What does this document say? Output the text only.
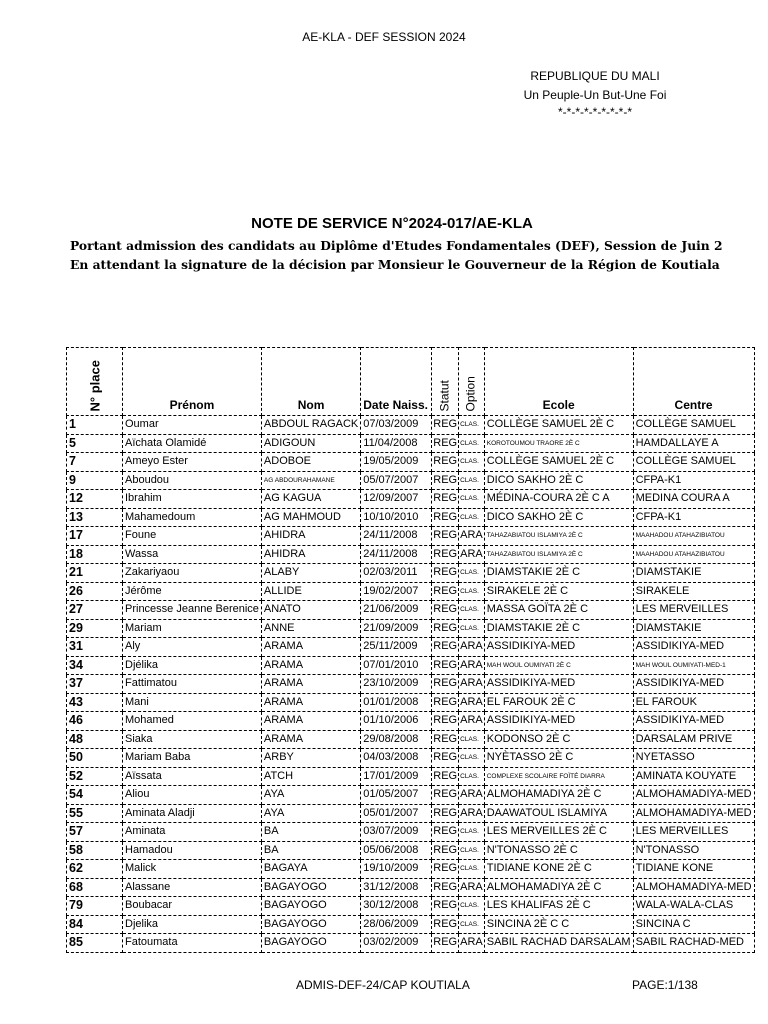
AE-KLA - DEF SESSION 2024
REPUBLIQUE DU MALI
Un Peuple-Un But-Une Foi
*-*-*-*-*-*-*-*-*
NOTE DE SERVICE N°2024-017/AE-KLA
Portant admission des candidats au Diplôme d'Etudes Fondamentales (DEF), Session de Juin 2
En attendant la signature de la décision par Monsieur le Gouverneur de la Région de Koutiala
N° place	Prénom	Nom	Date Naiss.	Statut	Option	Ecole	Centre
1	Oumar	ABDOUL RAGACK	07/03/2009	REG	CLAS.	COLLÈGE SAMUEL 2È C	COLLÈGE SAMUEL
5	Aïchata Olamidé	ADIGOUN	11/04/2008	REG	CLAS.	KOROTOUMOU TRAORE 2È C	HAMDALLAYE A
7	Ameyo Ester	ADOBOE	19/05/2009	REG	CLAS.	COLLÈGE SAMUEL 2È C	COLLÈGE SAMUEL
9	Aboudou	AG ABDOURAHAMANE	05/07/2007	REG	CLAS.	DICO SAKHO 2È C	CFPA-K1
12	Ibrahim	AG KAGUA	12/09/2007	REG	CLAS.	MÉDINA-COURA 2È C A	MEDINA COURA A
13	Mahamedoum	AG MAHMOUD	10/10/2010	REG	CLAS.	DICO SAKHO 2È C	CFPA-K1
17	Foune	AHIDRA	24/11/2008	REG	ARA	TAHAZABIATOU ISLAMIYA 2È C	MAAHADOU ATAHAZIBIATOU
18	Wassa	AHIDRA	24/11/2008	REG	ARA	TAHAZABIATOU ISLAMIYA 2È C	MAAHADOU ATAHAZIBIATOU
21	Zakariyaou	ALABY	02/03/2011	REG	CLAS.	DIAMSTAKIE 2È C	DIAMSTAKIE
26	Jérôme	ALLIDE	19/02/2007	REG	CLAS.	SIRAKELE 2È C	SIRAKELE
27	Princesse Jeanne Berenice	ANATO	21/06/2009	REG	CLAS.	MASSA GOÏTA 2È C	LES MERVEILLES
29	Mariam	ANNE	21/09/2009	REG	CLAS.	DIAMSTAKIE 2È C	DIAMSTAKIE
31	Aly	ARAMA	25/11/2009	REG	ARA	ASSIDIKIYA-MED	ASSIDIKIYA-MED
34	Djélika	ARAMA	07/01/2010	REG	ARA	MAH WOUL OUMIYATI 2È C	MAH WOUL OUMIYATI-MED-1
37	Fattimatou	ARAMA	23/10/2009	REG	ARA	ASSIDIKIYA-MED	ASSIDIKIYA-MED
43	Mani	ARAMA	01/01/2008	REG	ARA	EL FAROUK 2È C	EL FAROUK
46	Mohamed	ARAMA	01/10/2006	REG	ARA	ASSIDIKIYA-MED	ASSIDIKIYA-MED
48	Siaka	ARAMA	29/08/2008	REG	CLAS.	KODONSO 2È C	DARSALAM PRIVE
50	Mariam Baba	ARBY	04/03/2008	REG	CLAS.	NYÈTASSO 2È C	NYETASSO
52	Aïssata	ATCH	17/01/2009	REG	CLAS.	COMPLEXE SCOLAIRE FOÏTÉ DIARRA	AMINATA KOUYATE
54	Aliou	AYA	01/05/2007	REG	ARA	ALMOHAMADIYA 2È C	ALMOHAMADIYA-MED
55	Aminata Aladji	AYA	05/01/2007	REG	ARA	DAAWATOUL ISLAMIYA	ALMOHAMADIYA-MED
57	Aminata	BA	03/07/2009	REG	CLAS.	LES MERVEILLES 2È C	LES MERVEILLES
58	Hamadou	BA	05/06/2008	REG	CLAS.	N'TONASSO 2È C	N'TONASSO
62	Malick	BAGAYA	19/10/2009	REG	CLAS.	TIDIANE KONE 2È C	TIDIANE KONE
68	Alassane	BAGAYOGO	31/12/2008	REG	ARA	ALMOHAMADIYA 2È C	ALMOHAMADIYA-MED
79	Boubacar	BAGAYOGO	30/12/2008	REG	CLAS.	LES KHALIFAS 2È C	WALA-WALA-CLAS
84	Djelika	BAGAYOGO	28/06/2009	REG	CLAS.	SINCINA 2È C C	SINCINA C
85	Fatoumata	BAGAYOGO	03/02/2009	REG	ARA	SABIL RACHAD DARSALAM	SABIL RACHAD-MED
ADMIS-DEF-24/CAP KOUTIALA	PAGE:1/138
